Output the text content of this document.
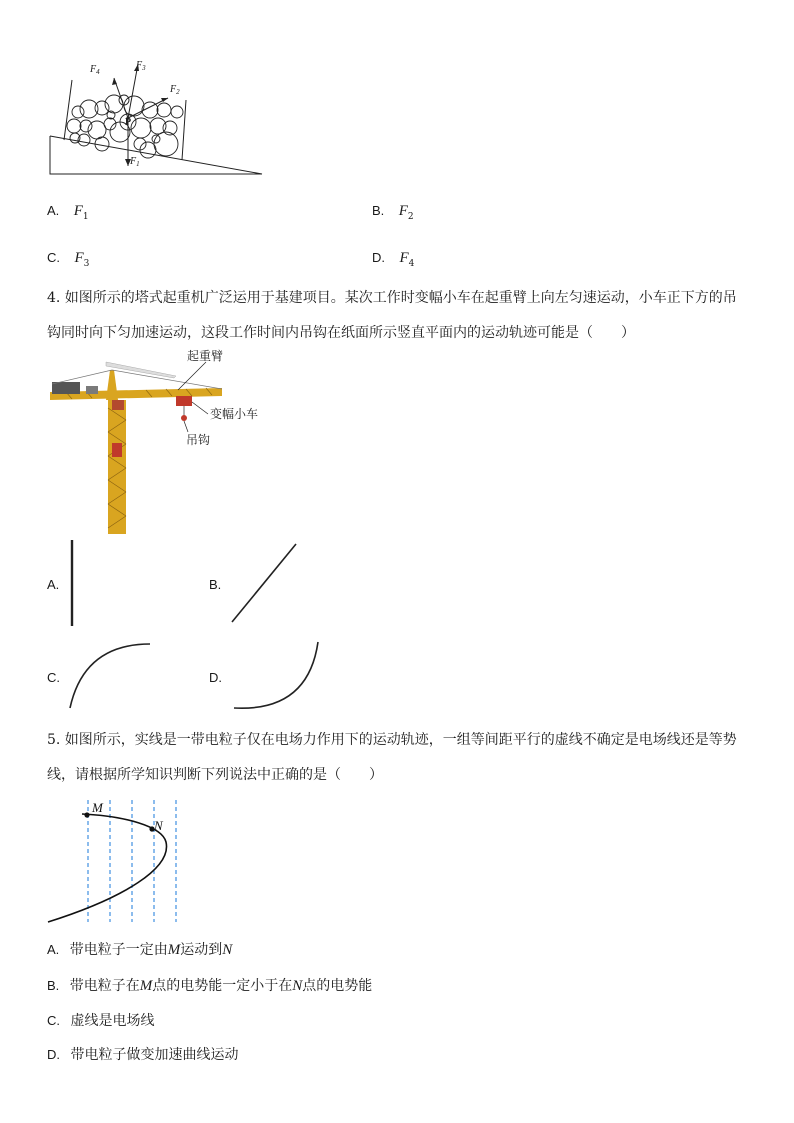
$F_4$
$F_3$
$F_2$
$F_1$
P
A. $F_1$	B. $F_2$
C. $F_3$	D. $F_4$
4. 如图所示的塔式起重机广泛运用于基建项目。某次工作时变幅小车在起重臂上向左匀速运动，小车正下方的吊
钩同时向下匀加速运动，这段工作时间内吊钩在纸面所示竖直平面内的运动轨迹可能是（　　）
起重臂
变幅小车
吊钩
A.	B.
C.	D.
5. 如图所示，实线是一带电粒子仅在电场力作用下的运动轨迹，一组等间距平行的虚线不确定是电场线还是等势
线，请根据所学知识判断下列说法中正确的是（　　）
M
N
A. 带电粒子一定由M运动到N
B. 带电粒子在M点的电势能一定小于在N点的电势能
C. 虚线是电场线
D. 带电粒子做变加速曲线运动
